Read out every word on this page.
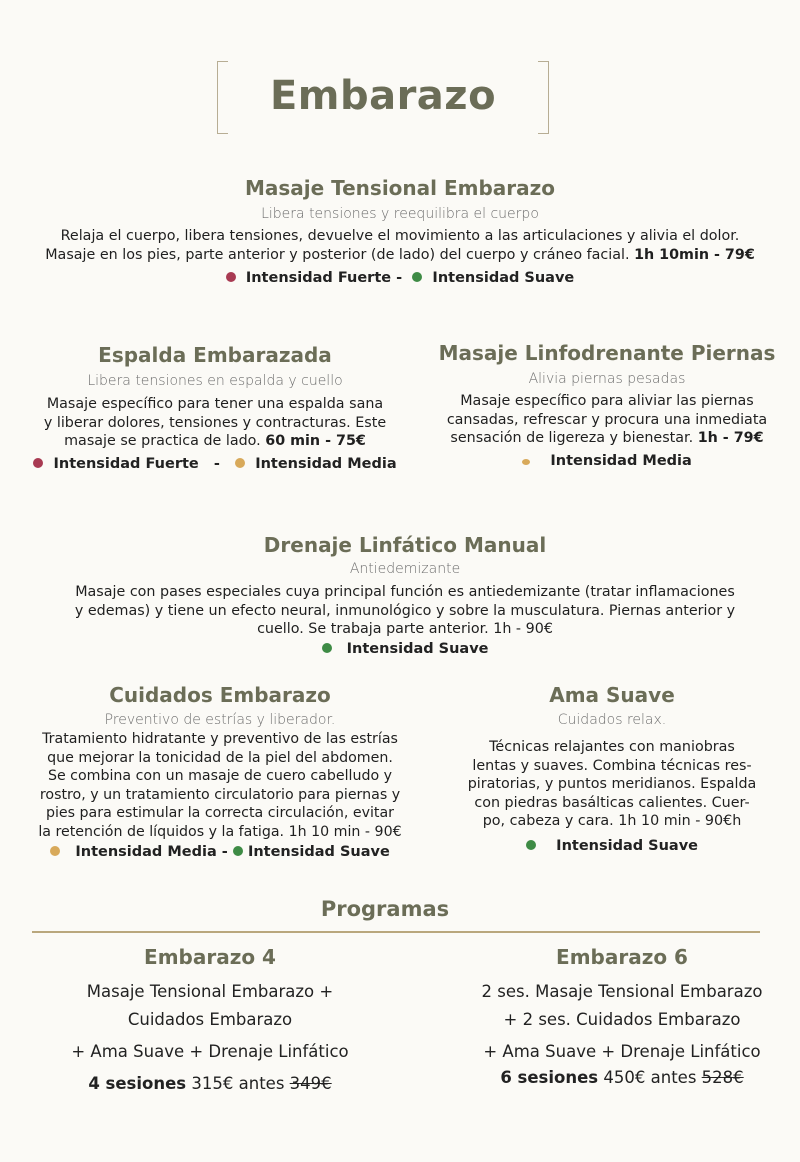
Embarazo
Masaje Tensional Embarazo
Libera tensiones y reequilibra el cuerpo
Relaja el cuerpo, libera tensiones, devuelve el movimiento a las articulaciones y alivia el dolor.
Masaje en los pies, parte anterior y posterior (de lado) del cuerpo y cráneo facial. 1h 10min - 79€
Intensidad Fuerte - Intensidad Suave
Espalda Embarazada
Libera tensiones en espalda y cuello
Masaje específico para tener una espalda sana
y liberar dolores, tensiones y contracturas. Este
masaje se practica de lado. 60 min - 75€
Intensidad Fuerte - Intensidad Media
Masaje Linfodrenante Piernas
Alivia piernas pesadas
Masaje específico para aliviar las piernas
cansadas, refrescar y procura una inmediata
sensación de ligereza y bienestar. 1h - 79€
Intensidad Media
Drenaje Linfático Manual
Antiedemizante
Masaje con pases especiales cuya principal función es antiedemizante (tratar inflamaciones
y edemas) y tiene un efecto neural, inmunológico y sobre la musculatura. Piernas anterior y
cuello. Se trabaja parte anterior. 1h - 90€
Intensidad Suave
Cuidados Embarazo
Preventivo de estrías y liberador.
Tratamiento hidratante y preventivo de las estrías
que mejorar la tonicidad de la piel del abdomen.
Se combina con un masaje de cuero cabelludo y
rostro, y un tratamiento circulatorio para piernas y
pies para estimular la correcta circulación, evitar
la retención de líquidos y la fatiga. 1h 10 min - 90€
Intensidad Media - Intensidad Suave
Ama Suave
Cuidados relax.
Técnicas relajantes con maniobras
lentas y suaves. Combina técnicas res-
piratorias, y puntos meridianos. Espalda
con piedras basálticas calientes. Cuer-
po, cabeza y cara. 1h 10 min - 90€h
Intensidad Suave
Programas
Embarazo 4
Masaje Tensional Embarazo +
Cuidados Embarazo
+ Ama Suave + Drenaje Linfático
4 sesiones 315€ antes 349€
Embarazo 6
2 ses. Masaje Tensional Embarazo
+ 2 ses. Cuidados Embarazo
+ Ama Suave + Drenaje Linfático
6 sesiones 450€ antes 528€
